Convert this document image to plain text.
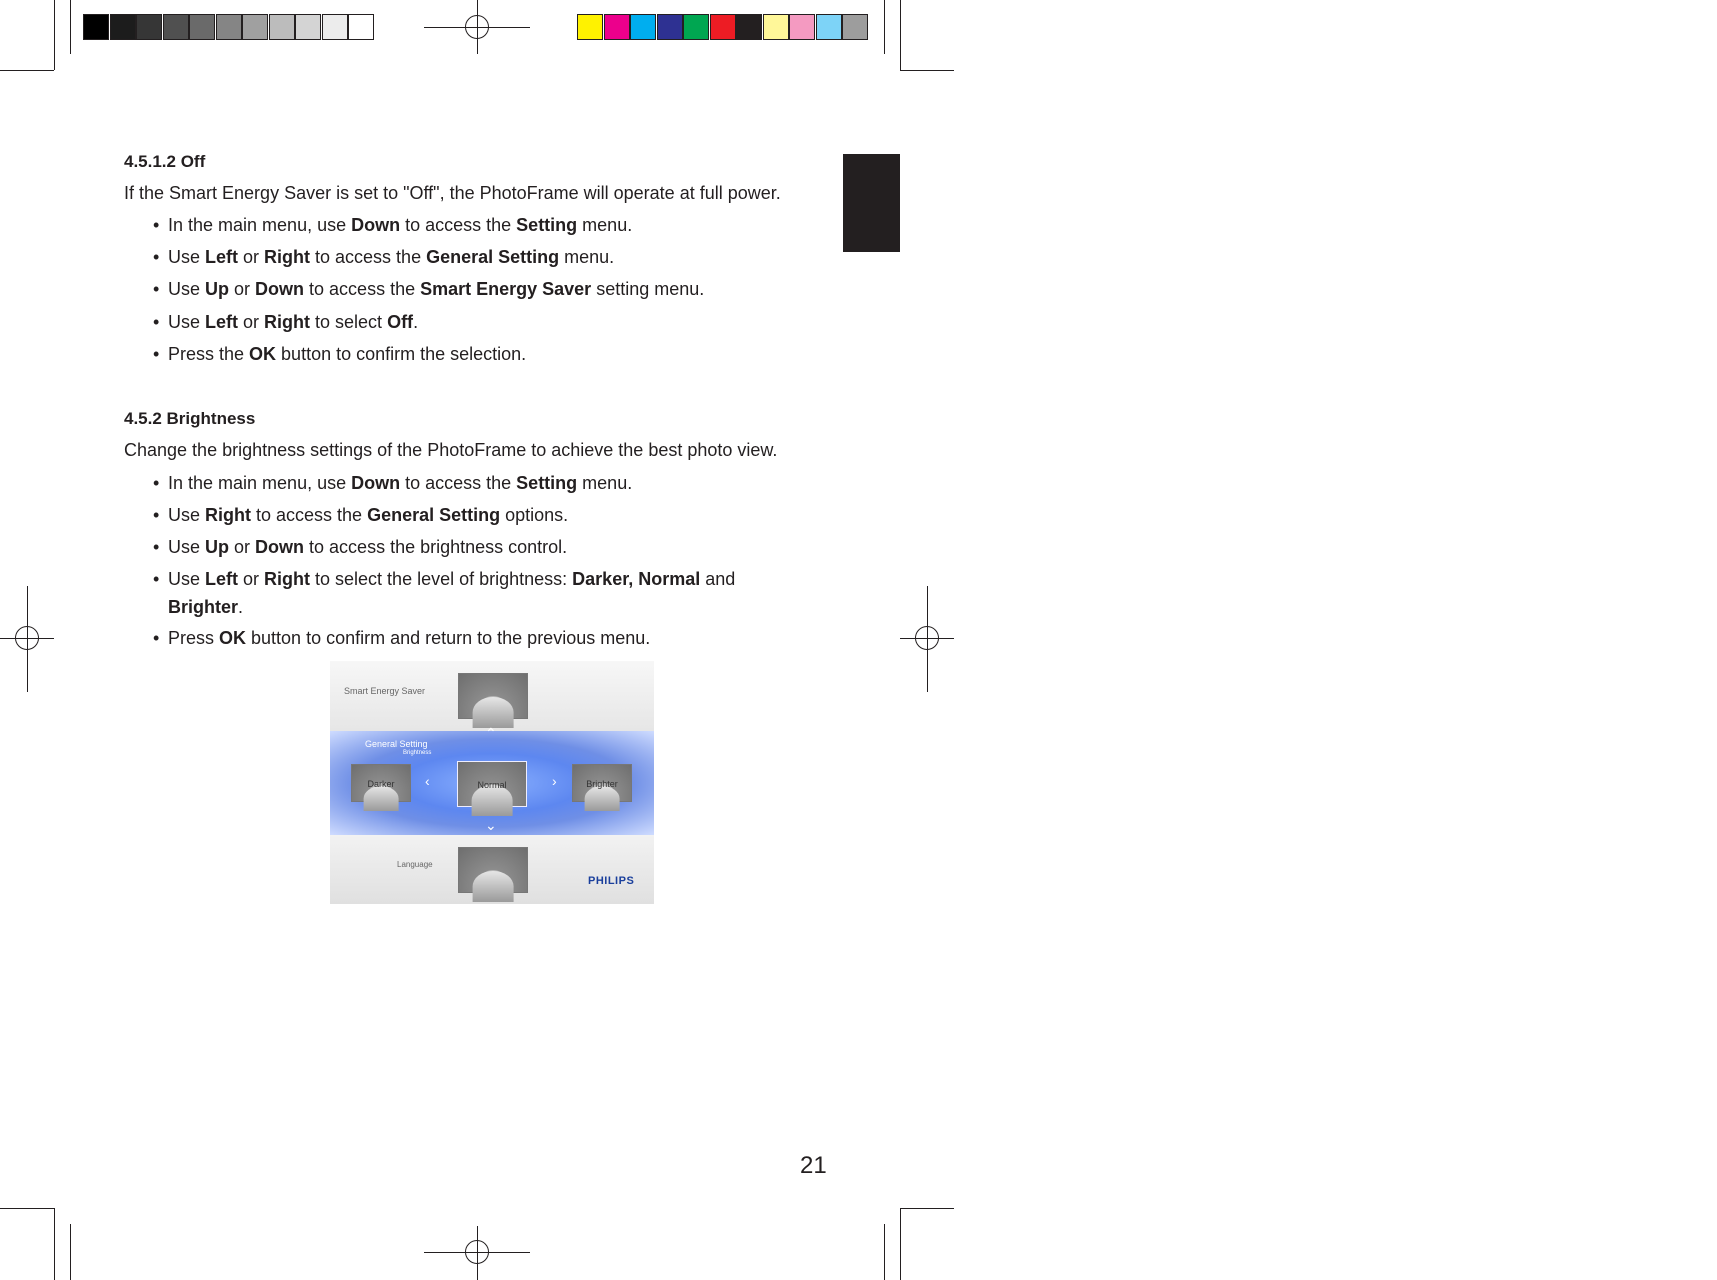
English
4.5.1.2 Off
If the Smart Energy Saver is set to "Off", the PhotoFrame will operate at full power.
• In the main menu, use Down to access the Setting menu.
• Use Left or Right to access the General Setting menu.
• Use Up or Down to access the Smart Energy Saver setting menu.
• Use Left or Right to select Off.
• Press the OK button to confirm the selection.
4.5.2 Brightness
Change the brightness settings of the PhotoFrame to achieve the best photo view.
• In the main menu, use Down to access the Setting menu.
• Use Right to access the General Setting options.
• Use Up or Down to access the brightness control.
• Use Left or Right to select the level of brightness: Darker, Normal and
Brighter.
• Press OK button to confirm and return to the previous menu.
Smart Energy Saver
⌃
General Setting
Brightness
Darker	‹	Normal	›	Brighter
⌄
Language
PHILIPS
21
